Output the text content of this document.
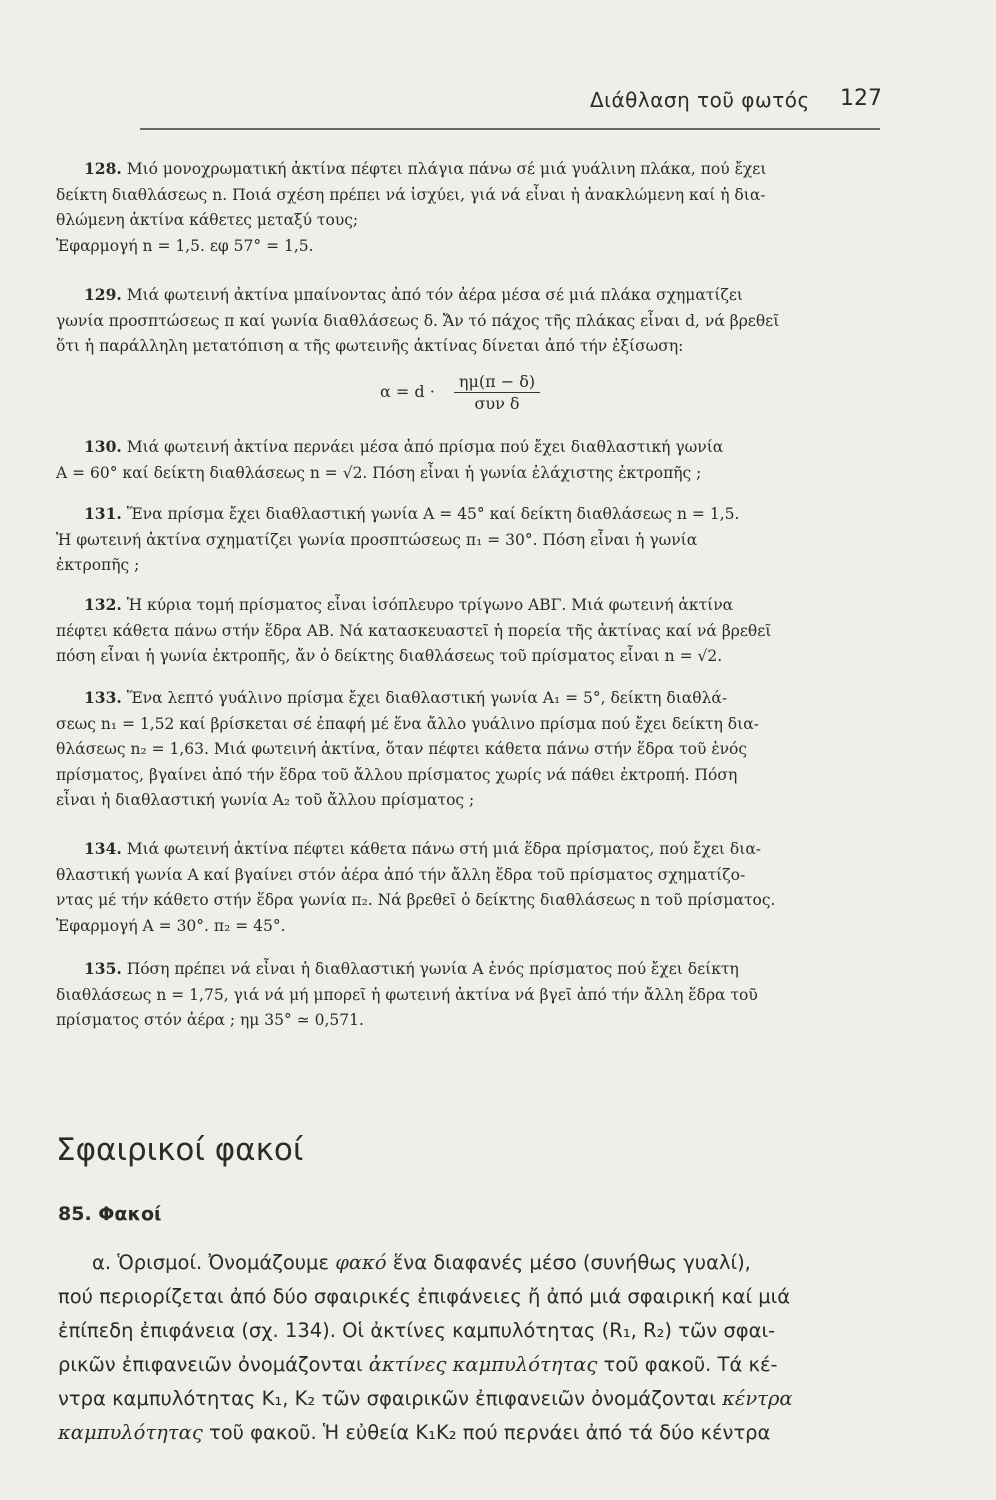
Διάθλαση τοῦ φωτός 127
128. Μιό μονοχρωματική ἀκτίνα πέφτει πλάγια πάνω σέ μιά γυάλινη πλάκα, πού ἔχει
δείκτη διαθλάσεως n. Ποιά σχέση πρέπει νά ἰσχύει, γιά νά εἶναι ἡ ἀνακλώμενη καί ἡ δια-
θλώμενη ἀκτίνα κάθετες μεταξύ τους;
Ἐφαρμογή n = 1,5. εφ 57° = 1,5.
129. Μιά φωτεινή ἀκτίνα μπαίνοντας ἀπό τόν ἀέρα μέσα σέ μιά πλάκα σχηματίζει
γωνία προσπτώσεως π καί γωνία διαθλάσεως δ. Ἄν τό πάχος τῆς πλάκας εἶναι d, νά βρεθεῖ
ὅτι ἡ παράλληλη μετατόπιση α τῆς φωτεινῆς ἀκτίνας δίνεται ἀπό τήν ἐξίσωση:
130. Μιά φωτεινή ἀκτίνα περνάει μέσα ἀπό πρίσμα πού ἔχει διαθλαστική γωνία
A = 60° καί δείκτη διαθλάσεως n = √2. Πόση εἶναι ἡ γωνία ἐλάχιστης ἐκτροπῆς ;
131. Ἕνα πρίσμα ἔχει διαθλαστική γωνία A = 45° καί δείκτη διαθλάσεως n = 1,5.
Ἡ φωτεινή ἀκτίνα σχηματίζει γωνία προσπτώσεως π₁ = 30°. Πόση εἶναι ἡ γωνία
ἐκτροπῆς ;
132. Ἡ κύρια τομή πρίσματος εἶναι ἰσόπλευρο τρίγωνο ΑΒΓ. Μιά φωτεινή ἀκτίνα
πέφτει κάθετα πάνω στήν ἕδρα ΑΒ. Νά κατασκευαστεῖ ἡ πορεία τῆς ἀκτίνας καί νά βρεθεῖ
πόση εἶναι ἡ γωνία ἐκτροπῆς, ἄν ὁ δείκτης διαθλάσεως τοῦ πρίσματος εἶναι n = √2.
133. Ἕνα λεπτό γυάλινο πρίσμα ἔχει διαθλαστική γωνία A₁ = 5°, δείκτη διαθλά-
σεως n₁ = 1,52 καί βρίσκεται σέ ἐπαφή μέ ἕνα ἄλλο γυάλινο πρίσμα πού ἔχει δείκτη δια-
θλάσεως n₂ = 1,63. Μιά φωτεινή ἀκτίνα, ὅταν πέφτει κάθετα πάνω στήν ἕδρα τοῦ ἑνός
πρίσματος, βγαίνει ἀπό τήν ἕδρα τοῦ ἄλλου πρίσματος χωρίς νά πάθει ἐκτροπή. Πόση
εἶναι ἡ διαθλαστική γωνία A₂ τοῦ ἄλλου πρίσματος ;
134. Μιά φωτεινή ἀκτίνα πέφτει κάθετα πάνω στή μιά ἕδρα πρίσματος, πού ἔχει δια-
θλαστική γωνία A καί βγαίνει στόν ἀέρα ἀπό τήν ἄλλη ἕδρα τοῦ πρίσματος σχηματίζο-
ντας μέ τήν κάθετο στήν ἕδρα γωνία π₂. Νά βρεθεῖ ὁ δείκτης διαθλάσεως n τοῦ πρίσματος.
Ἐφαρμογή A = 30°. π₂ = 45°.
135. Πόση πρέπει νά εἶναι ἡ διαθλαστική γωνία A ἑνός πρίσματος πού ἔχει δείκτη
διαθλάσεως n = 1,75, γιά νά μή μπορεῖ ἡ φωτεινή ἀκτίνα νά βγεῖ ἀπό τήν ἄλλη ἕδρα τοῦ
πρίσματος στόν ἀέρα ; ημ 35° ≃ 0,571.
α = d ·
ημ(π − δ)
συν δ
Σφαιρικοί φακοί
85. Φακοί
α. Ὁρισμοί. Ὀνομάζουμε φακό ἕνα διαφανές μέσο (συνήθως γυαλί),
πού περιορίζεται ἀπό δύο σφαιρικές ἐπιφάνειες ἤ ἀπό μιά σφαιρική καί μιά
ἐπίπεδη ἐπιφάνεια (σχ. 134). Οἱ ἀκτίνες καμπυλότητας (R₁, R₂) τῶν σφαι-
ρικῶν ἐπιφανειῶν ὀνομάζονται ἀκτίνες καμπυλότητας τοῦ φακοῦ. Τά κέ-
ντρα καμπυλότητας K₁, K₂ τῶν σφαιρικῶν ἐπιφανειῶν ὀνομάζονται κέντρα
καμπυλότητας τοῦ φακοῦ. Ἡ εὐθεία K₁K₂ πού περνάει ἀπό τά δύο κέντρα
